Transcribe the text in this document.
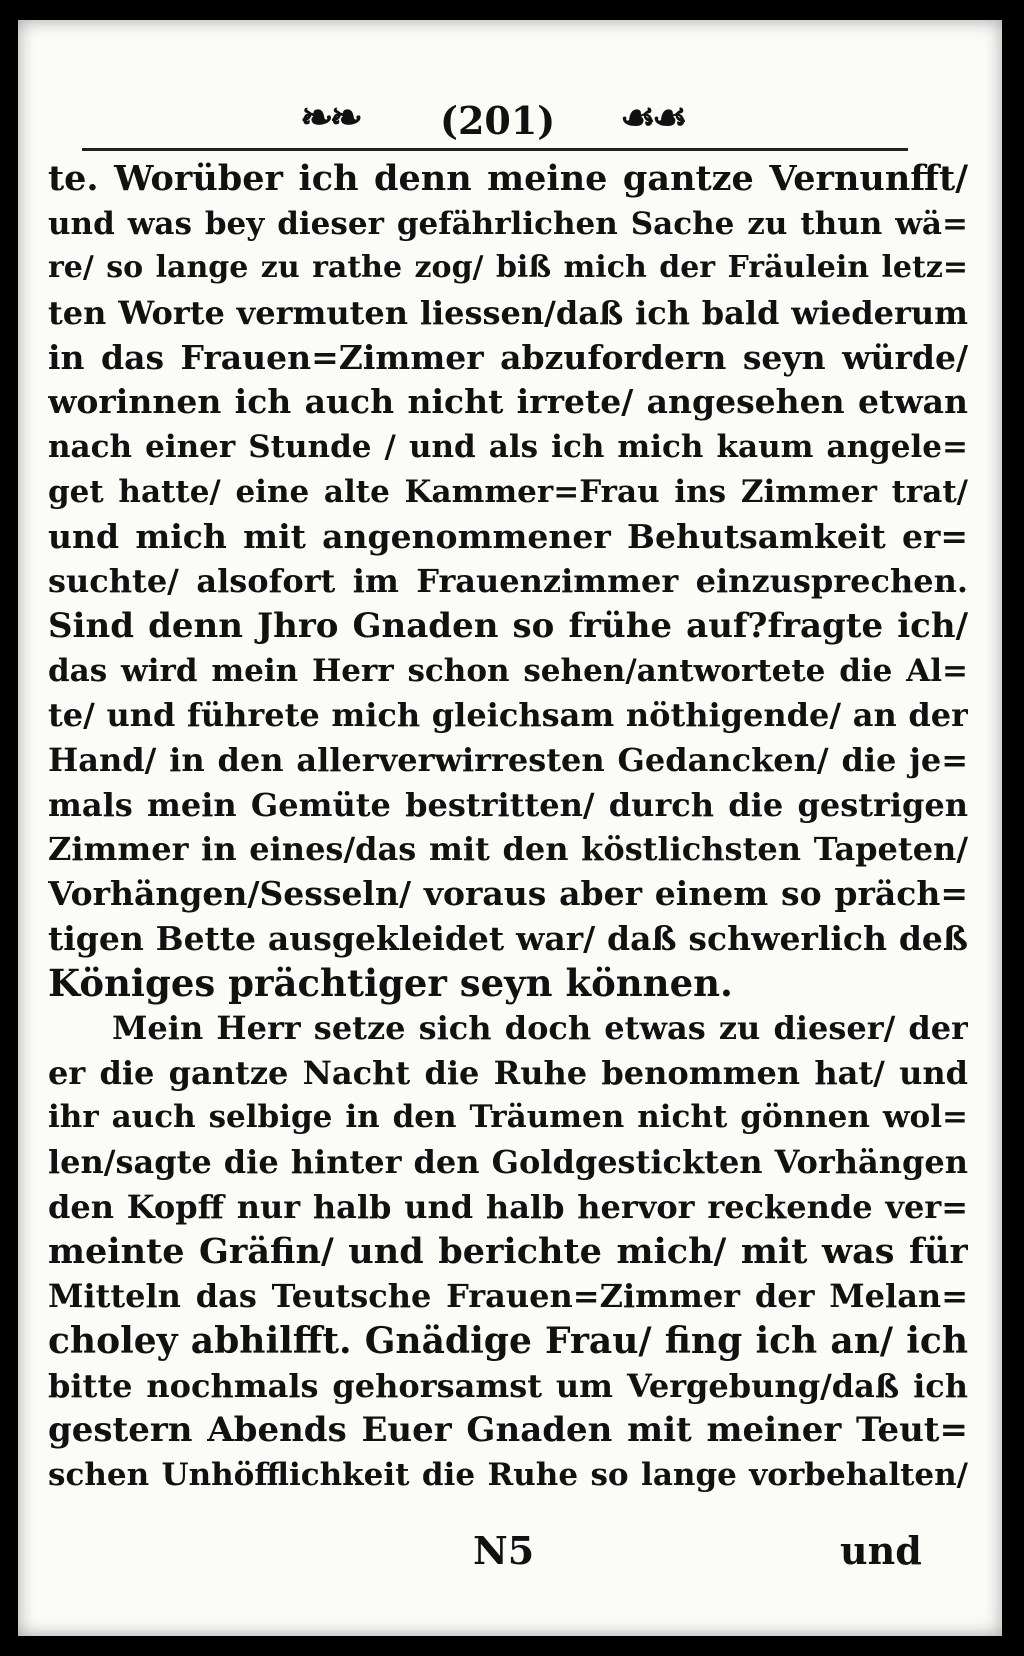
❧❧ (201) ☙☙
te. Worüber ich denn meine gantze Vernunfft/
und was bey dieser gefährlichen Sache zu thun wä=
re/ so lange zu rathe zog/ biß mich der Fräulein letz=
ten Worte vermuten liessen/daß ich bald wiederum
in das Frauen=Zimmer abzufordern seyn würde/
worinnen ich auch nicht irrete/ angesehen etwan
nach einer Stunde / und als ich mich kaum angele=
get hatte/ eine alte Kammer=Frau ins Zimmer trat/
und mich mit angenommener Behutsamkeit er=
suchte/ alsofort im Frauenzimmer einzusprechen.
Sind denn Jhro Gnaden so frühe auf?fragte ich/
das wird mein Herr schon sehen/antwortete die Al=
te/ und führete mich gleichsam nöthigende/ an der
Hand/ in den allerverwirresten Gedancken/ die je=
mals mein Gemüte bestritten/ durch die gestrigen
Zimmer in eines/das mit den köstlichsten Tapeten/
Vorhängen/Sesseln/ voraus aber einem so präch=
tigen Bette ausgekleidet war/ daß schwerlich deß
Königes prächtiger seyn können.
Mein Herr setze sich doch etwas zu dieser/ der
er die gantze Nacht die Ruhe benommen hat/ und
ihr auch selbige in den Träumen nicht gönnen wol=
len/sagte die hinter den Goldgestickten Vorhängen
den Kopff nur halb und halb hervor reckende ver=
meinte Gräfin/ und berichte mich/ mit was für
Mitteln das Teutsche Frauen=Zimmer der Melan=
choley abhilfft. Gnädige Frau/ fing ich an/ ich
bitte nochmals gehorsamst um Vergebung/daß ich
gestern Abends Euer Gnaden mit meiner Teut=
schen Unhöfflichkeit die Ruhe so lange vorbehalten/
N5	und
